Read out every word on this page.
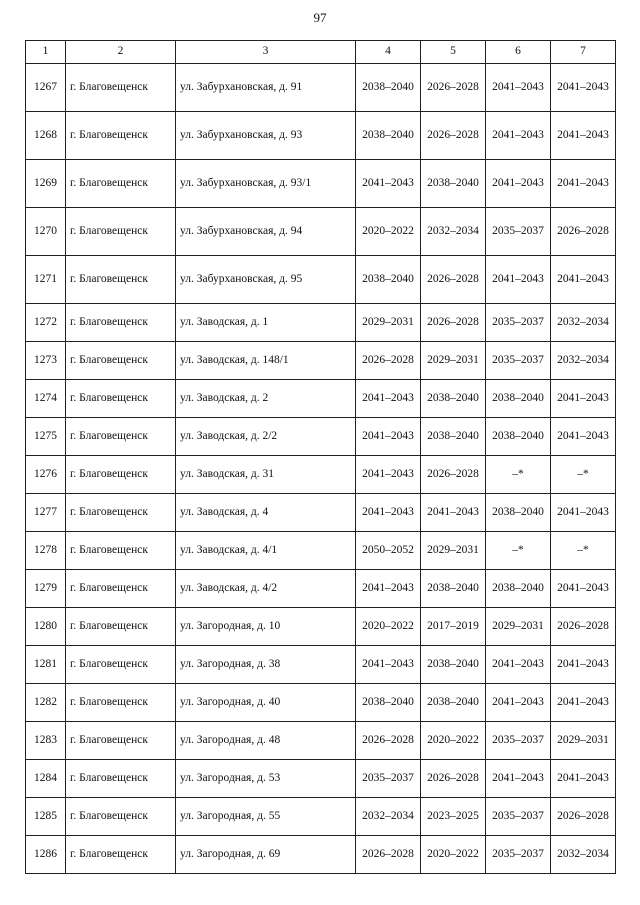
97
1	2	3	4	5	6	7
1267	г. Благовещенск	ул. Забурхановская, д. 91	2038–2040	2026–2028	2041–2043	2041–2043
1268	г. Благовещенск	ул. Забурхановская, д. 93	2038–2040	2026–2028	2041–2043	2041–2043
1269	г. Благовещенск	ул. Забурхановская, д. 93/1	2041–2043	2038–2040	2041–2043	2041–2043
1270	г. Благовещенск	ул. Забурхановская, д. 94	2020–2022	2032–2034	2035–2037	2026–2028
1271	г. Благовещенск	ул. Забурхановская, д. 95	2038–2040	2026–2028	2041–2043	2041–2043
1272	г. Благовещенск	ул. Заводская, д. 1	2029–2031	2026–2028	2035–2037	2032–2034
1273	г. Благовещенск	ул. Заводская, д. 148/1	2026–2028	2029–2031	2035–2037	2032–2034
1274	г. Благовещенск	ул. Заводская, д. 2	2041–2043	2038–2040	2038–2040	2041–2043
1275	г. Благовещенск	ул. Заводская, д. 2/2	2041–2043	2038–2040	2038–2040	2041–2043
1276	г. Благовещенск	ул. Заводская, д. 31	2041–2043	2026–2028	–*	–*
1277	г. Благовещенск	ул. Заводская, д. 4	2041–2043	2041–2043	2038–2040	2041–2043
1278	г. Благовещенск	ул. Заводская, д. 4/1	2050–2052	2029–2031	–*	–*
1279	г. Благовещенск	ул. Заводская, д. 4/2	2041–2043	2038–2040	2038–2040	2041–2043
1280	г. Благовещенск	ул. Загородная, д. 10	2020–2022	2017–2019	2029–2031	2026–2028
1281	г. Благовещенск	ул. Загородная, д. 38	2041–2043	2038–2040	2041–2043	2041–2043
1282	г. Благовещенск	ул. Загородная, д. 40	2038–2040	2038–2040	2041–2043	2041–2043
1283	г. Благовещенск	ул. Загородная, д. 48	2026–2028	2020–2022	2035–2037	2029–2031
1284	г. Благовещенск	ул. Загородная, д. 53	2035–2037	2026–2028	2041–2043	2041–2043
1285	г. Благовещенск	ул. Загородная, д. 55	2032–2034	2023–2025	2035–2037	2026–2028
1286	г. Благовещенск	ул. Загородная, д. 69	2026–2028	2020–2022	2035–2037	2032–2034
